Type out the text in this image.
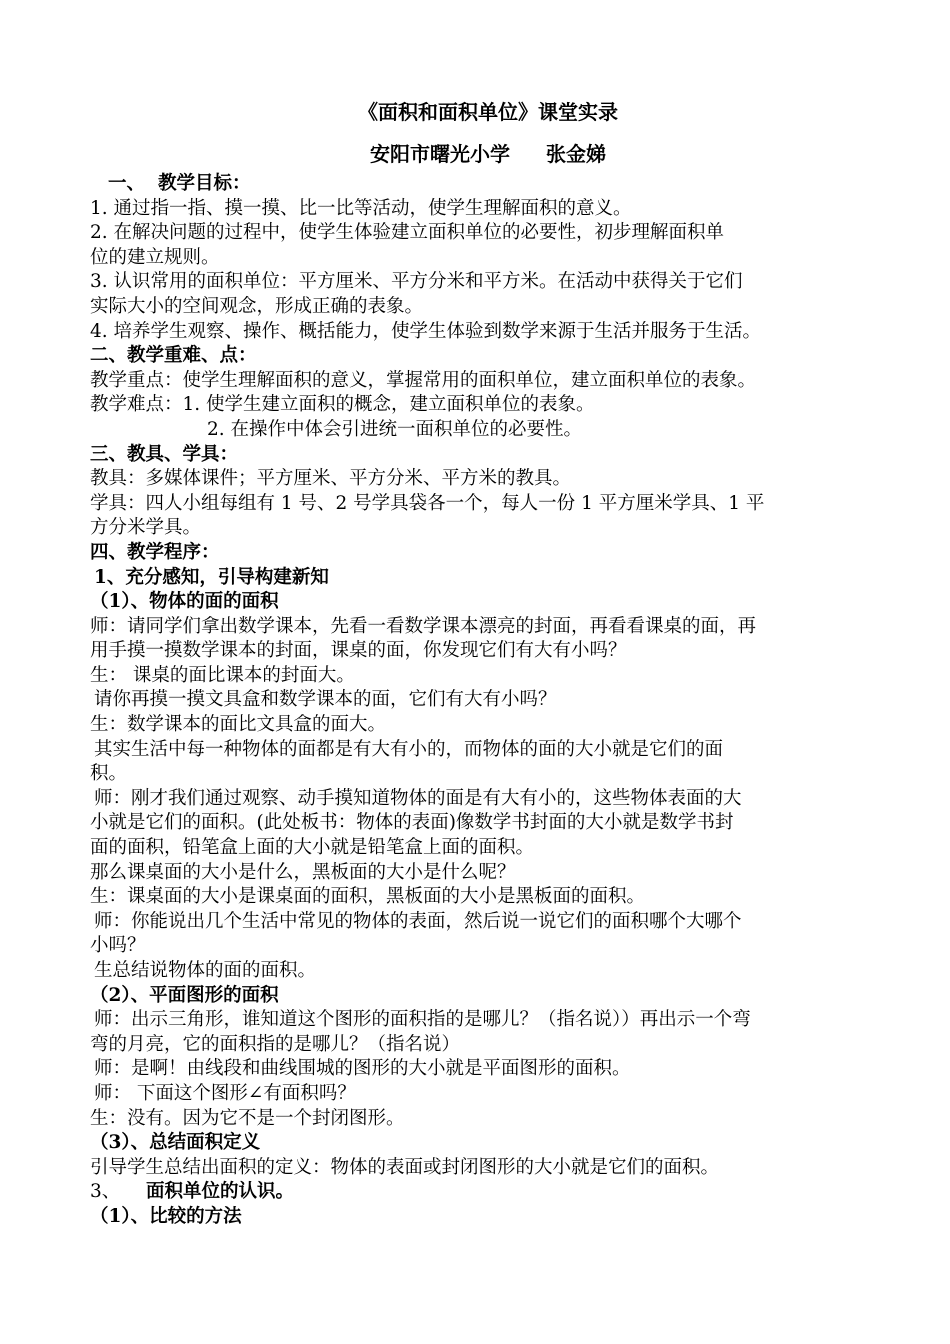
《面积和面积单位》课堂实录
安阳市曙光小学 张金娣
一、 教学目标：
1. 通过指一指、摸一摸、比一比等活动，使学生理解面积的意义。
2. 在解决问题的过程中，使学生体验建立面积单位的必要性，初步理解面积单
位的建立规则。
3. 认识常用的面积单位：平方厘米、平方分米和平方米。在活动中获得关于它们
实际大小的空间观念，形成正确的表象。
4. 培养学生观察、操作、概括能力，使学生体验到数学来源于生活并服务于生活。
二、教学重难、点：
教学重点：使学生理解面积的意义，掌握常用的面积单位，建立面积单位的表象。
教学难点：1. 使学生建立面积的概念，建立面积单位的表象。
2. 在操作中体会引进统一面积单位的必要性。
三、教具、学具：
教具：多媒体课件；平方厘米、平方分米、平方米的教具。
学具：四人小组每组有 1 号、2 号学具袋各一个，每人一份 1 平方厘米学具、1 平
方分米学具。
四、教学程序：
1、充分感知，引导构建新知
（1）、物体的面的面积
师：请同学们拿出数学课本，先看一看数学课本漂亮的封面，再看看课桌的面，再
用手摸一摸数学课本的封面，课桌的面，你发现它们有大有小吗？
生： 课桌的面比课本的封面大。
请你再摸一摸文具盒和数学课本的面，它们有大有小吗？
生：数学课本的面比文具盒的面大。
其实生活中每一种物体的面都是有大有小的，而物体的面的大小就是它们的面
积。
师：刚才我们通过观察、动手摸知道物体的面是有大有小的，这些物体表面的大
小就是它们的面积。(此处板书：物体的表面)像数学书封面的大小就是数学书封
面的面积，铅笔盒上面的大小就是铅笔盒上面的面积。
那么课桌面的大小是什么，黑板面的大小是什么呢？
生：课桌面的大小是课桌面的面积，黑板面的大小是黑板面的面积。
师：你能说出几个生活中常见的物体的表面，然后说一说它们的面积哪个大哪个
小吗？
生总结说物体的面的面积。
（2）、平面图形的面积
师：出示三角形，谁知道这个图形的面积指的是哪儿？（指名说））再出示一个弯
弯的月亮，它的面积指的是哪儿？（指名说）
师：是啊！由线段和曲线围城的图形的大小就是平面图形的面积。
师： 下面这个图形∠有面积吗？
生：没有。因为它不是一个封闭图形。
（3）、总结面积定义
引导学生总结出面积的定义：物体的表面或封闭图形的大小就是它们的面积。
3、 面积单位的认识。
（1）、比较的方法
